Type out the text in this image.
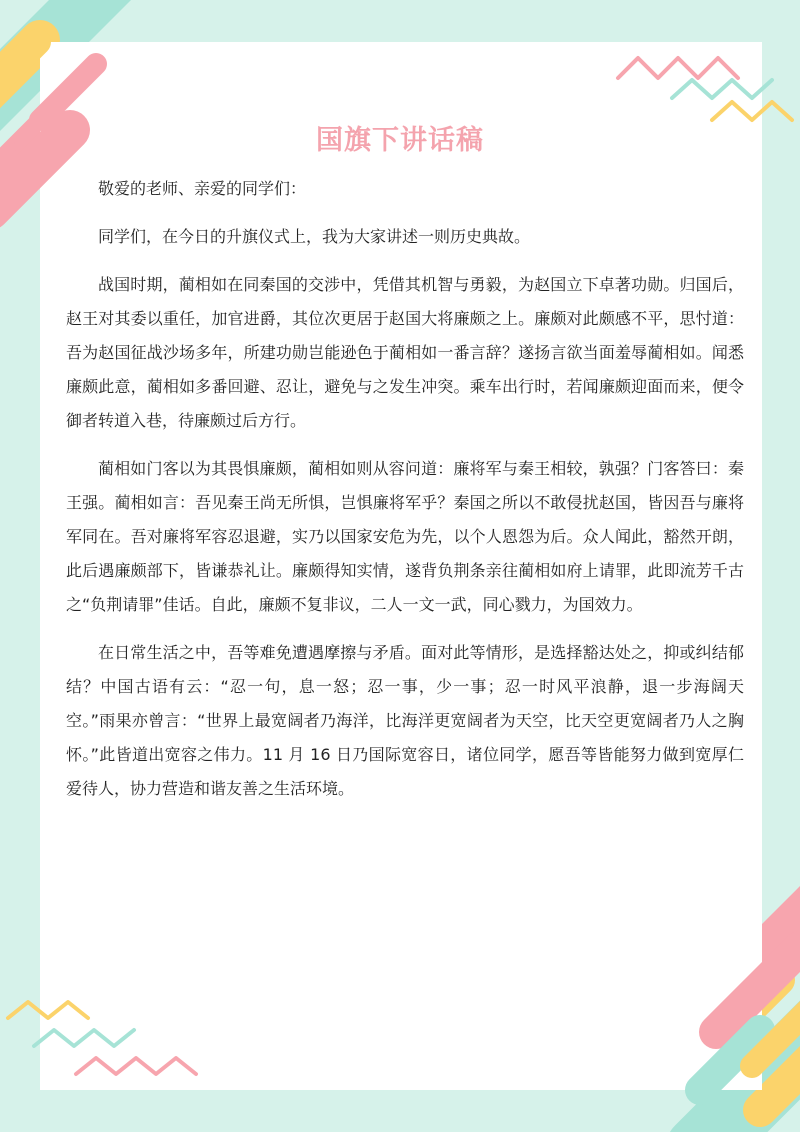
国旗下讲话稿

敬爱的老师、亲爱的同学们：

同学们，在今日的升旗仪式上，我为大家讲述一则历史典故。

战国时期，蔺相如在同秦国的交涉中，凭借其机智与勇毅，为赵国立下卓著功勋。归国后，赵王对其委以重任，加官进爵，其位次更居于赵国大将廉颇之上。廉颇对此颇感不平，思忖道：吾为赵国征战沙场多年，所建功勋岂能逊色于蔺相如一番言辞？遂扬言欲当面羞辱蔺相如。闻悉廉颇此意，蔺相如多番回避、忍让，避免与之发生冲突。乘车出行时，若闻廉颇迎面而来，便令御者转道入巷，待廉颇过后方行。

蔺相如门客以为其畏惧廉颇，蔺相如则从容问道：廉将军与秦王相较，孰强？门客答曰：秦王强。蔺相如言：吾见秦王尚无所惧，岂惧廉将军乎？秦国之所以不敢侵扰赵国，皆因吾与廉将军同在。吾对廉将军容忍退避，实乃以国家安危为先，以个人恩怨为后。众人闻此，豁然开朗，此后遇廉颇部下，皆谦恭礼让。廉颇得知实情，遂背负荆条亲往蔺相如府上请罪，此即流芳千古之“负荆请罪”佳话。自此，廉颇不复非议，二人一文一武，同心戮力，为国效力。

在日常生活之中，吾等难免遭遇摩擦与矛盾。面对此等情形，是选择豁达处之，抑或纠结郁结？中国古语有云：“忍一句，息一怒；忍一事，少一事；忍一时风平浪静，退一步海阔天空。”雨果亦曾言：“世界上最宽阔者乃海洋，比海洋更宽阔者为天空，比天空更宽阔者乃人之胸怀。”此皆道出宽容之伟力。11 月 16 日乃国际宽容日，诸位同学，愿吾等皆能努力做到宽厚仁爱待人，协力营造和谐友善之生活环境。
